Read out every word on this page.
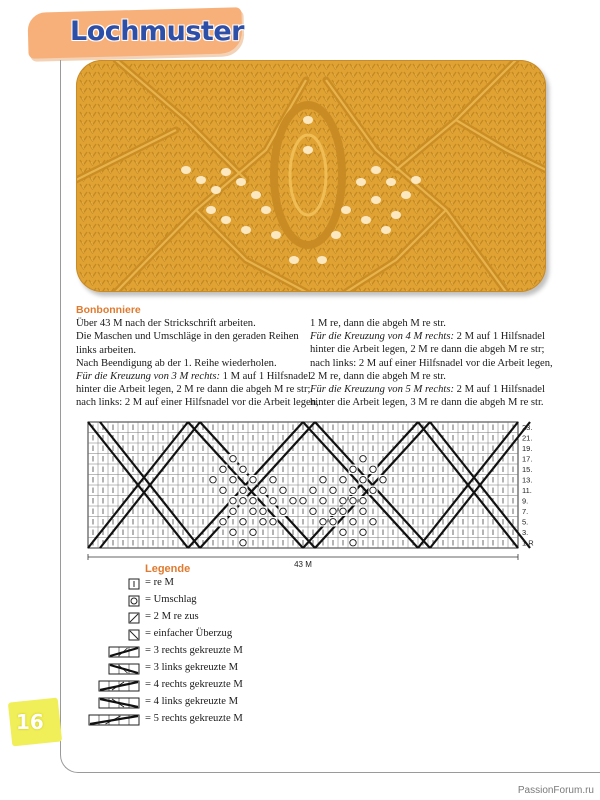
Lochmuster
Bonbonniere
Über 43 M nach der Strickschrift arbeiten.
Die Maschen und Umschläge in den geraden Reihen
links arbeiten.
Nach Beendigung ab der 1. Reihe wiederholen.
Für die Kreuzung von 3 M rechts: 1 M auf 1 Hilfsnadel
hinter die Arbeit legen, 2 M re dann die abgeh M re str;
nach links: 2 M auf einer Hilfsnadel vor die Arbeit legen,
1 M re, dann die abgeh M re str.
Für die Kreuzung von 4 M rechts: 2 M auf 1 Hilfsnadel
hinter die Arbeit legen, 2 M re dann die abgeh M re str;
nach links: 2 M auf einer Hilfsnadel vor die Arbeit legen,
2 M re, dann die abgeh M re str.
Für die Kreuzung von 5 M rechts: 2 M auf 1 Hilfsnadel
hinter die Arbeit legen, 3 M re dann die abgeh M re str.
23.
21.
19.
17.
15.
13.
11.
9.
7.
5.
3.
1.R
43 M
Legende
= re M
= Umschlag
= 2 M re zus
= einfacher Überzug
= 3 rechts gekreuzte M
= 3 links gekreuzte M
= 4 rechts gekreuzte M
= 4 links gekreuzte M
= 5 rechts gekreuzte M
16
PassionForum.ru
